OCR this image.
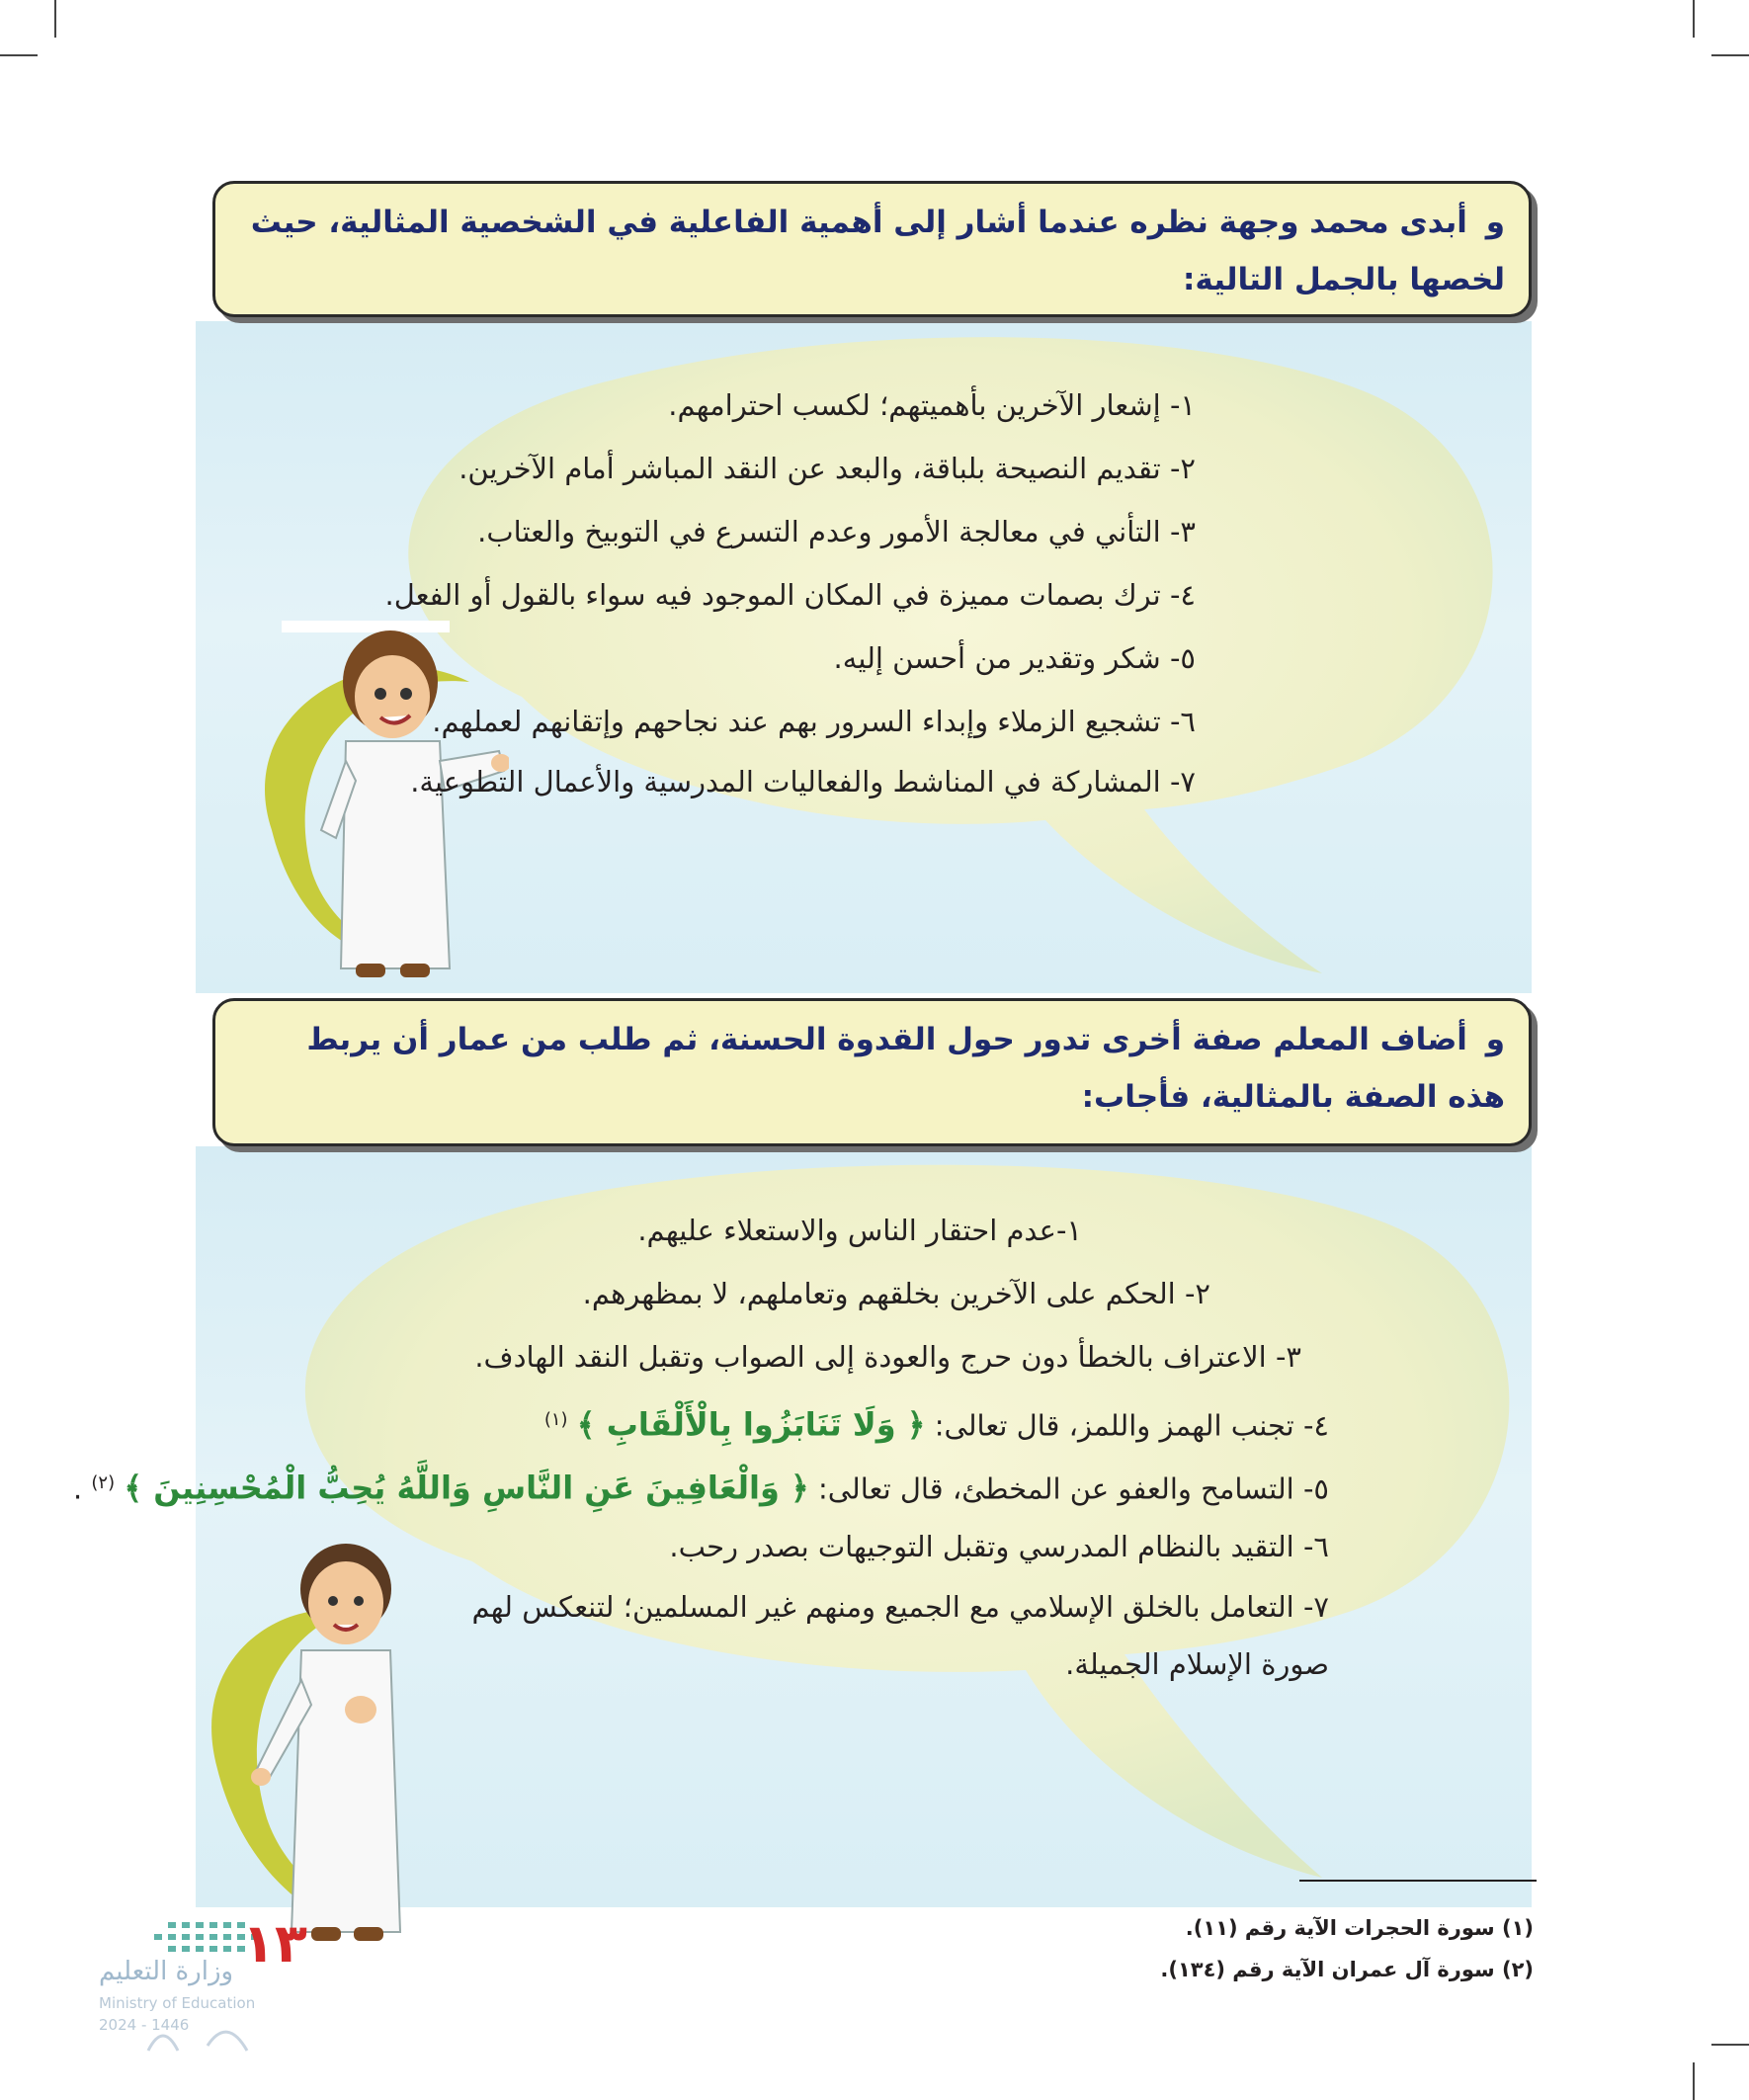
و أبدى محمد وجهة نظره عندما أشار إلى أهمية الفاعلية في الشخصية المثالية، حيث لخصها بالجمل التالية:
١- إشعار الآخرين بأهميتهم؛ لكسب احترامهم.
٢- تقديم النصيحة بلباقة، والبعد عن النقد المباشر أمام الآخرين.
٣- التأني في معالجة الأمور وعدم التسرع في التوبيخ والعتاب.
٤- ترك بصمات مميزة في المكان الموجود فيه سواء بالقول أو الفعل.
٥- شكر وتقدير من أحسن إليه.
٦- تشجيع الزملاء وإبداء السرور بهم عند نجاحهم وإتقانهم لعملهم.
٧- المشاركة في المناشط والفعاليات المدرسية والأعمال التطوعية.
و أضاف المعلم صفة أخرى تدور حول القدوة الحسنة، ثم طلب من عمار أن يربط هذه الصفة بالمثالية، فأجاب:
١-عدم احتقار الناس والاستعلاء عليهم.
٢- الحكم على الآخرين بخلقهم وتعاملهم، لا بمظهرهم.
٣- الاعتراف بالخطأ دون حرج والعودة إلى الصواب وتقبل النقد الهادف.
٤- تجنب الهمز واللمز، قال تعالى: ﴿ وَلَا تَنَابَزُوا بِالْأَلْقَابِ ﴾ $^{(١)}$
٥- التسامح والعفو عن المخطئ، قال تعالى: ﴿ وَالْعَافِينَ عَنِ النَّاسِ وَاللَّهُ يُحِبُّ الْمُحْسِنِينَ ﴾ $^{(٢)}$ .
٦- التقيد بالنظام المدرسي وتقبل التوجيهات بصدر رحب.
٧- التعامل بالخلق الإسلامي مع الجميع ومنهم غير المسلمين؛ لتنعكس لهم صورة الإسلام الجميلة.
(١) سورة الحجرات الآية رقم (١١).
(٢) سورة آل عمران الآية رقم (١٣٤).
وزارة التعليم
Ministry of Education
2024 - 1446
١٣
